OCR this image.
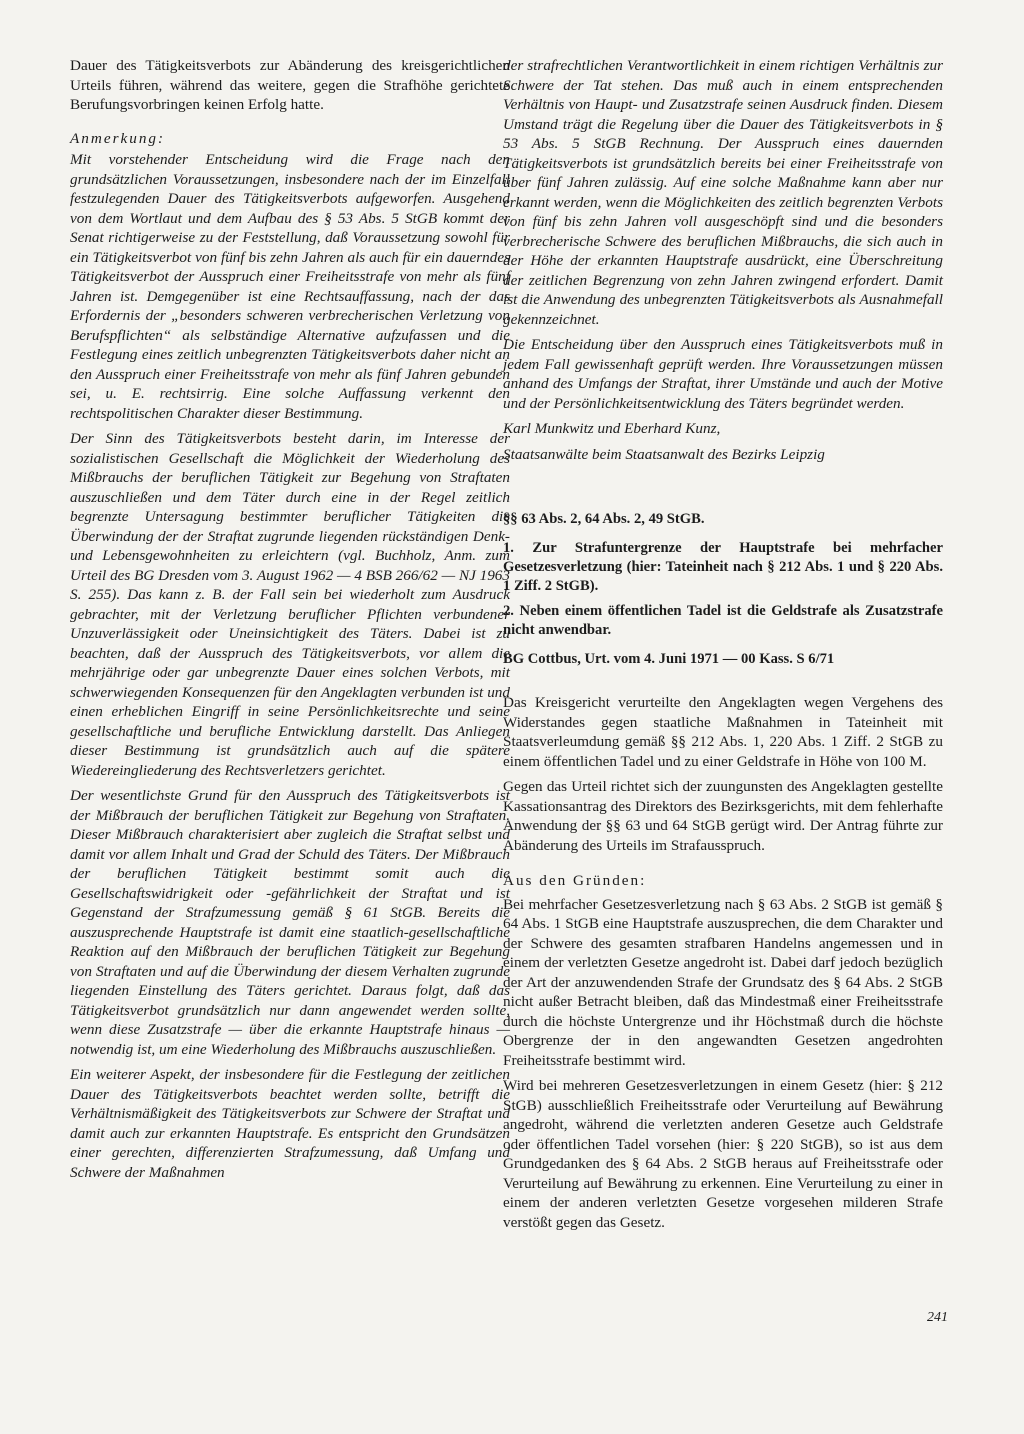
Dauer des Tätigkeitsverbots zur Abänderung des kreisgerichtlichen Urteils führen, während das weitere, gegen die Strafhöhe gerichtete Berufungsvorbringen keinen Erfolg hatte.

Anmerkung:

Mit vorstehender Entscheidung wird die Frage nach den grundsätzlichen Voraussetzungen, insbesondere nach der im Einzelfall festzulegenden Dauer des Tätigkeitsverbots aufgeworfen. Ausgehend von dem Wortlaut und dem Aufbau des § 53 Abs. 5 StGB kommt der Senat richtigerweise zu der Feststellung, daß Voraussetzung sowohl für ein Tätigkeitsverbot von fünf bis zehn Jahren als auch für ein dauerndes Tätigkeitsverbot der Ausspruch einer Freiheitsstrafe von mehr als fünf Jahren ist. Demgegenüber ist eine Rechtsauffassung, nach der das Erfordernis der „besonders schweren verbrecherischen Verletzung von Berufspflichten“ als selbständige Alternative aufzufassen und die Festlegung eines zeitlich unbegrenzten Tätigkeitsverbots daher nicht an den Ausspruch einer Freiheitsstrafe von mehr als fünf Jahren gebunden sei, u. E. rechtsirrig. Eine solche Auffassung verkennt den rechtspolitischen Charakter dieser Bestimmung.

Der Sinn des Tätigkeitsverbots besteht darin, im Interesse der sozialistischen Gesellschaft die Möglichkeit der Wiederholung des Mißbrauchs der beruflichen Tätigkeit zur Begehung von Straftaten auszuschließen und dem Täter durch eine in der Regel zeitlich begrenzte Untersagung bestimmter beruflicher Tätigkeiten die Überwindung der der Straftat zugrunde liegenden rückständigen Denk- und Lebensgewohnheiten zu erleichtern (vgl. Buchholz, Anm. zum Urteil des BG Dresden vom 3. August 1962 — 4 BSB 266/62 — NJ 1963 S. 255). Das kann z. B. der Fall sein bei wiederholt zum Ausdruck gebrachter, mit der Verletzung beruflicher Pflichten verbundener Unzuverlässigkeit oder Uneinsichtigkeit des Täters. Dabei ist zu beachten, daß der Ausspruch des Tätigkeitsverbots, vor allem die mehrjährige oder gar unbegrenzte Dauer eines solchen Verbots, mit schwerwiegenden Konsequenzen für den Angeklagten verbunden ist und einen erheblichen Eingriff in seine Persönlichkeitsrechte und seine gesellschaftliche und berufliche Entwicklung darstellt. Das Anliegen dieser Bestimmung ist grundsätzlich auch auf die spätere Wiedereingliederung des Rechtsverletzers gerichtet.

Der wesentlichste Grund für den Ausspruch des Tätigkeitsverbots ist der Mißbrauch der beruflichen Tätigkeit zur Begehung von Straftaten. Dieser Mißbrauch charakterisiert aber zugleich die Straftat selbst und damit vor allem Inhalt und Grad der Schuld des Täters. Der Mißbrauch der beruflichen Tätigkeit bestimmt somit auch die Gesellschaftswidrigkeit oder -gefährlichkeit der Straftat und ist Gegenstand der Strafzumessung gemäß § 61 StGB. Bereits die auszusprechende Hauptstrafe ist damit eine staatlich-gesellschaftliche Reaktion auf den Mißbrauch der beruflichen Tätigkeit zur Begehung von Straftaten und auf die Überwindung der diesem Verhalten zugrunde liegenden Einstellung des Täters gerichtet. Daraus folgt, daß das Tätigkeitsverbot grundsätzlich nur dann angewendet werden sollte, wenn diese Zusatzstrafe — über die erkannte Hauptstrafe hinaus — notwendig ist, um eine Wiederholung des Mißbrauchs auszuschließen.

Ein weiterer Aspekt, der insbesondere für die Festlegung der zeitlichen Dauer des Tätigkeitsverbots beachtet werden sollte, betrifft die Verhältnismäßigkeit des Tätigkeitsverbots zur Schwere der Straftat und damit auch zur erkannten Hauptstrafe. Es entspricht den Grundsätzen einer gerechten, differenzierten Strafzumessung, daß Umfang und Schwere der Maßnahmen

der strafrechtlichen Verantwortlichkeit in einem richtigen Verhältnis zur Schwere der Tat stehen. Das muß auch in einem entsprechenden Verhältnis von Haupt- und Zusatzstrafe seinen Ausdruck finden. Diesem Umstand trägt die Regelung über die Dauer des Tätigkeitsverbots in § 53 Abs. 5 StGB Rechnung. Der Ausspruch eines dauernden Tätigkeitsverbots ist grundsätzlich bereits bei einer Freiheitsstrafe von über fünf Jahren zulässig. Auf eine solche Maßnahme kann aber nur erkannt werden, wenn die Möglichkeiten des zeitlich begrenzten Verbots von fünf bis zehn Jahren voll ausgeschöpft sind und die besonders verbrecherische Schwere des beruflichen Mißbrauchs, die sich auch in der Höhe der erkannten Hauptstrafe ausdrückt, eine Überschreitung der zeitlichen Begrenzung von zehn Jahren zwingend erfordert. Damit ist die Anwendung des unbegrenzten Tätigkeitsverbots als Ausnahmefall gekennzeichnet.

Die Entscheidung über den Ausspruch eines Tätigkeitsverbots muß in jedem Fall gewissenhaft geprüft werden. Ihre Voraussetzungen müssen anhand des Umfangs der Straftat, ihrer Umstände und auch der Motive und der Persönlichkeitsentwicklung des Täters begründet werden.

Karl Munkwitz und Eberhard Kunz,

Staatsanwälte beim Staatsanwalt des Bezirks Leipzig

§§ 63 Abs. 2, 64 Abs. 2, 49 StGB.

1. Zur Strafuntergrenze der Hauptstrafe bei mehrfacher Gesetzesverletzung (hier: Tateinheit nach § 212 Abs. 1 und § 220 Abs. 1 Ziff. 2 StGB).

2. Neben einem öffentlichen Tadel ist die Geldstrafe als Zusatzstrafe nicht anwendbar.

BG Cottbus, Urt. vom 4. Juni 1971 — 00 Kass. S 6/71

Das Kreisgericht verurteilte den Angeklagten wegen Vergehens des Widerstandes gegen staatliche Maßnahmen in Tateinheit mit Staatsverleumdung gemäß §§ 212 Abs. 1, 220 Abs. 1 Ziff. 2 StGB zu einem öffentlichen Tadel und zu einer Geldstrafe in Höhe von 100 M.

Gegen das Urteil richtet sich der zuungunsten des Angeklagten gestellte Kassationsantrag des Direktors des Bezirksgerichts, mit dem fehlerhafte Anwendung der §§ 63 und 64 StGB gerügt wird. Der Antrag führte zur Abänderung des Urteils im Strafausspruch.

Aus den Gründen:

Bei mehrfacher Gesetzesverletzung nach § 63 Abs. 2 StGB ist gemäß § 64 Abs. 1 StGB eine Hauptstrafe auszusprechen, die dem Charakter und der Schwere des gesamten strafbaren Handelns angemessen und in einem der verletzten Gesetze angedroht ist. Dabei darf jedoch bezüglich der Art der anzuwendenden Strafe der Grundsatz des § 64 Abs. 2 StGB nicht außer Betracht bleiben, daß das Mindestmaß einer Freiheitsstrafe durch die höchste Untergrenze und ihr Höchstmaß durch die höchste Obergrenze der in den angewandten Gesetzen angedrohten Freiheitsstrafe bestimmt wird.

Wird bei mehreren Gesetzesverletzungen in einem Gesetz (hier: § 212 StGB) ausschließlich Freiheitsstrafe oder Verurteilung auf Bewährung angedroht, während die verletzten anderen Gesetze auch Geldstrafe oder öffentlichen Tadel vorsehen (hier: § 220 StGB), so ist aus dem Grundgedanken des § 64 Abs. 2 StGB heraus auf Freiheitsstrafe oder Verurteilung auf Bewährung zu erkennen. Eine Verurteilung zu einer in einem der anderen verletzten Gesetze vorgesehen milderen Strafe verstößt gegen das Gesetz.

241
